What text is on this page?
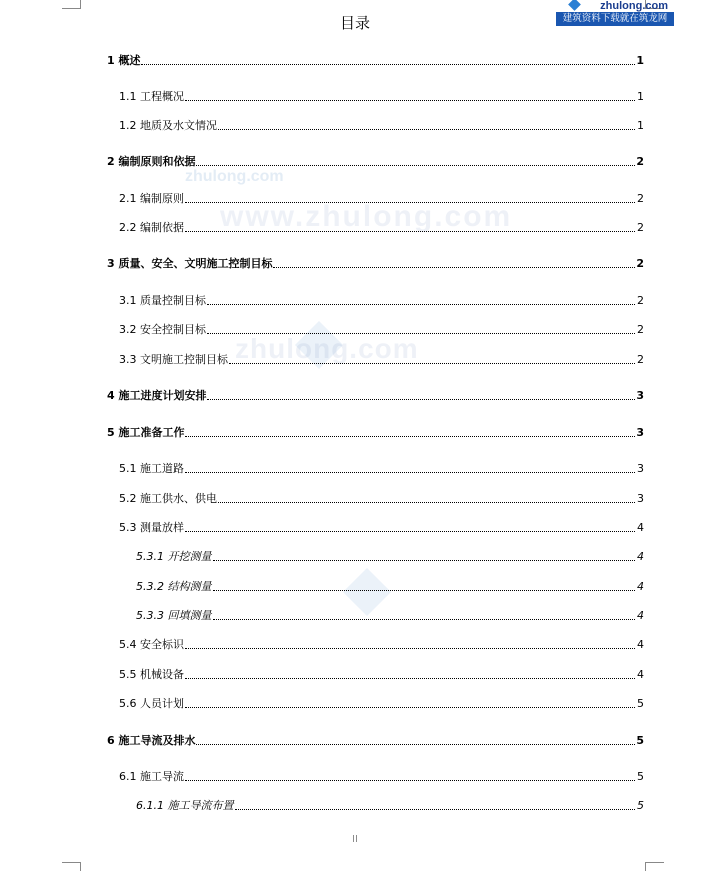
zhulong.com
建筑资料下载就在筑龙网
目录
zhulong.com
www.zhulong.com
zhulong.com
1 概述	1
1.1 工程概况	1
1.2 地质及水文情况	1
2 编制原则和依据	2
2.1 编制原则	2
2.2 编制依据	2
3 质量、安全、文明施工控制目标	2
3.1 质量控制目标	2
3.2 安全控制目标	2
3.3 文明施工控制目标	2
4 施工进度计划安排	3
5 施工准备工作	3
5.1 施工道路	3
5.2 施工供水、供电	3
5.3 测量放样	4
5.3.1 开挖测量	4
5.3.2 结构测量	4
5.3.3 回填测量	4
5.4 安全标识	4
5.5 机械设备	4
5.6 人员计划	5
6 施工导流及排水	5
6.1 施工导流	5
6.1.1 施工导流布置	5
II
